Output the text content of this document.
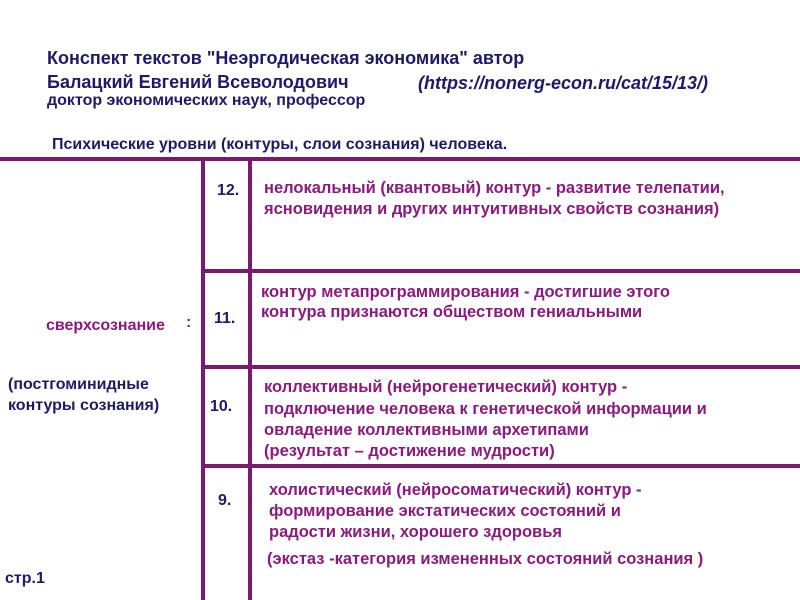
Конспект текстов "Неэргодическая экономика" автор
Балацкий Евгений Всеволодович	(https://nonerg-econ.ru/cat/15/13/)
доктор экономических наук, профессор
Психические уровни (контуры, слои сознания) человека.
сверхсознание :
(постгоминидные
контуры сознания)
стр.1
12. нелокальный (квантовый) контур - развитие телепатии,
ясновидения и других интуитивных свойств сознания)
11.
контур метапрограммирования - достигшие этого
контура признаются обществом гениальными
10.
коллективный (нейрогенетический) контур -
подключение человека к генетической информации и
овладение коллективными архетипами
(результат – достижение мудрости)
9.
холистический (нейросоматический) контур -
формирование экстатических состояний и
радости жизни, хорошего здоровья
(экстаз -категория измененных состояний сознания )
